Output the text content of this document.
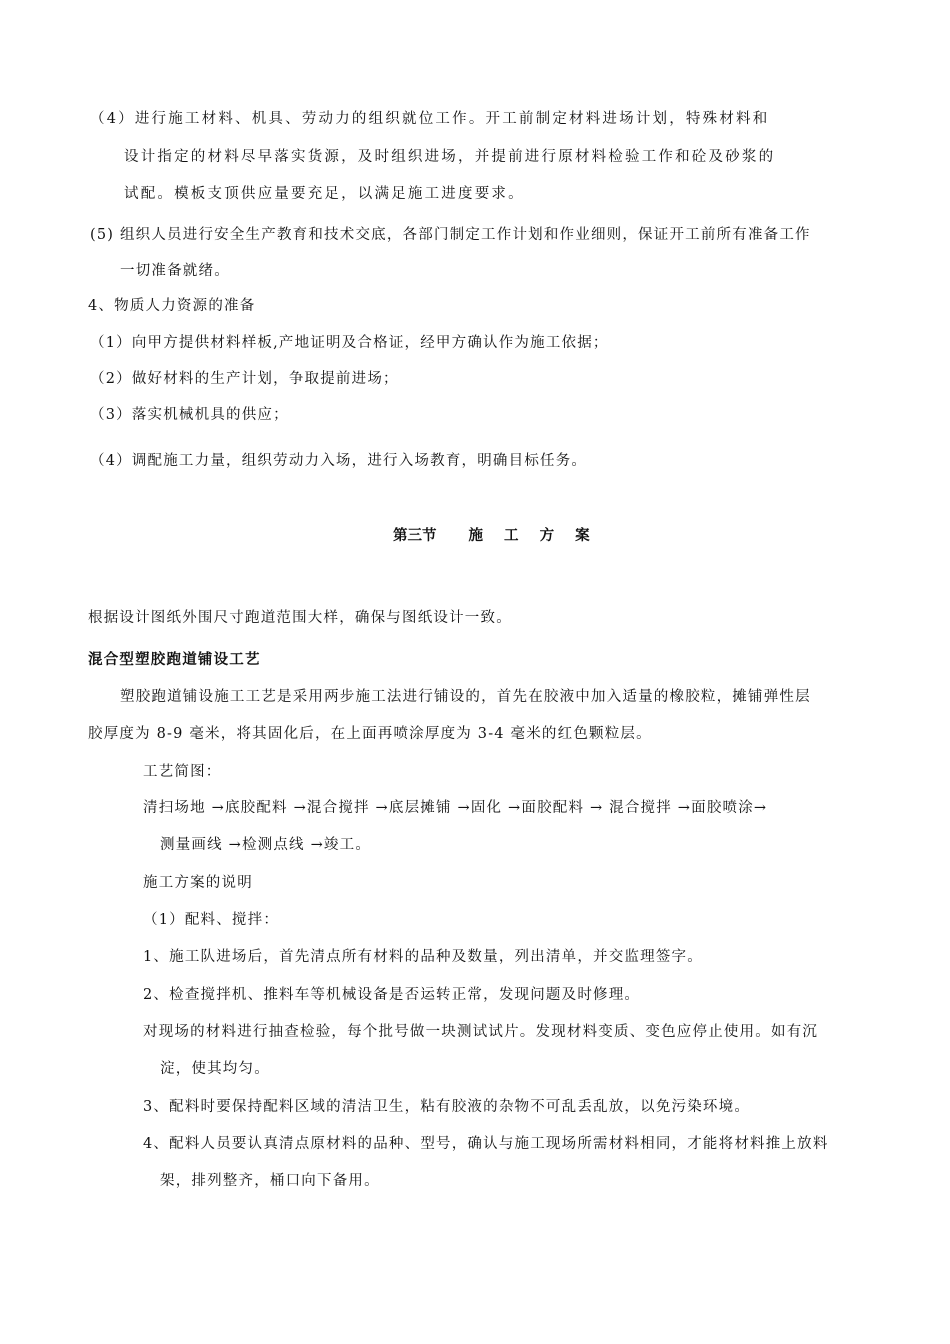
（4）进行施工材料、机具、劳动力的组织就位工作。开工前制定材料进场计划，特殊材料和
设计指定的材料尽早落实货源，及时组织进场，并提前进行原材料检验工作和砼及砂浆的
试配。模板支顶供应量要充足，以满足施工进度要求。
(5) 组织人员进行安全生产教育和技术交底，各部门制定工作计划和作业细则，保证开工前所有准备工作
一切准备就绪。
4、物质人力资源的准备
（1）向甲方提供材料样板,产地证明及合格证，经甲方确认作为施工依据；
（2）做好材料的生产计划，争取提前进场；
（3）落实机械机具的供应；
（4）调配施工力量，组织劳动力入场，进行入场教育，明确目标任务。
第三节 施 工 方 案
根据设计图纸外围尺寸跑道范围大样，确保与图纸设计一致。
混合型塑胶跑道铺设工艺
塑胶跑道铺设施工工艺是采用两步施工法进行铺设的，首先在胶液中加入适量的橡胶粒，摊铺弹性层
胶厚度为 8-9 毫米，将其固化后，在上面再喷涂厚度为 3-4 毫米的红色颗粒层。
工艺简图：
清扫场地 →底胶配料 →混合搅拌 →底层摊铺 →固化 →面胶配料 → 混合搅拌 →面胶喷涂→
测量画线 →检测点线 →竣工。
施工方案的说明
（1）配料、搅拌：
1、施工队进场后，首先清点所有材料的品种及数量，列出清单，并交监理签字。
2、检查搅拌机、推料车等机械设备是否运转正常，发现问题及时修理。
对现场的材料进行抽查检验，每个批号做一块测试试片。发现材料变质、变色应停止使用。如有沉
淀，使其均匀。
3、配料时要保持配料区域的清洁卫生，粘有胶液的杂物不可乱丢乱放，以免污染环境。
4、配料人员要认真清点原材料的品种、型号，确认与施工现场所需材料相同，才能将材料推上放料
架，排列整齐，桶口向下备用。
